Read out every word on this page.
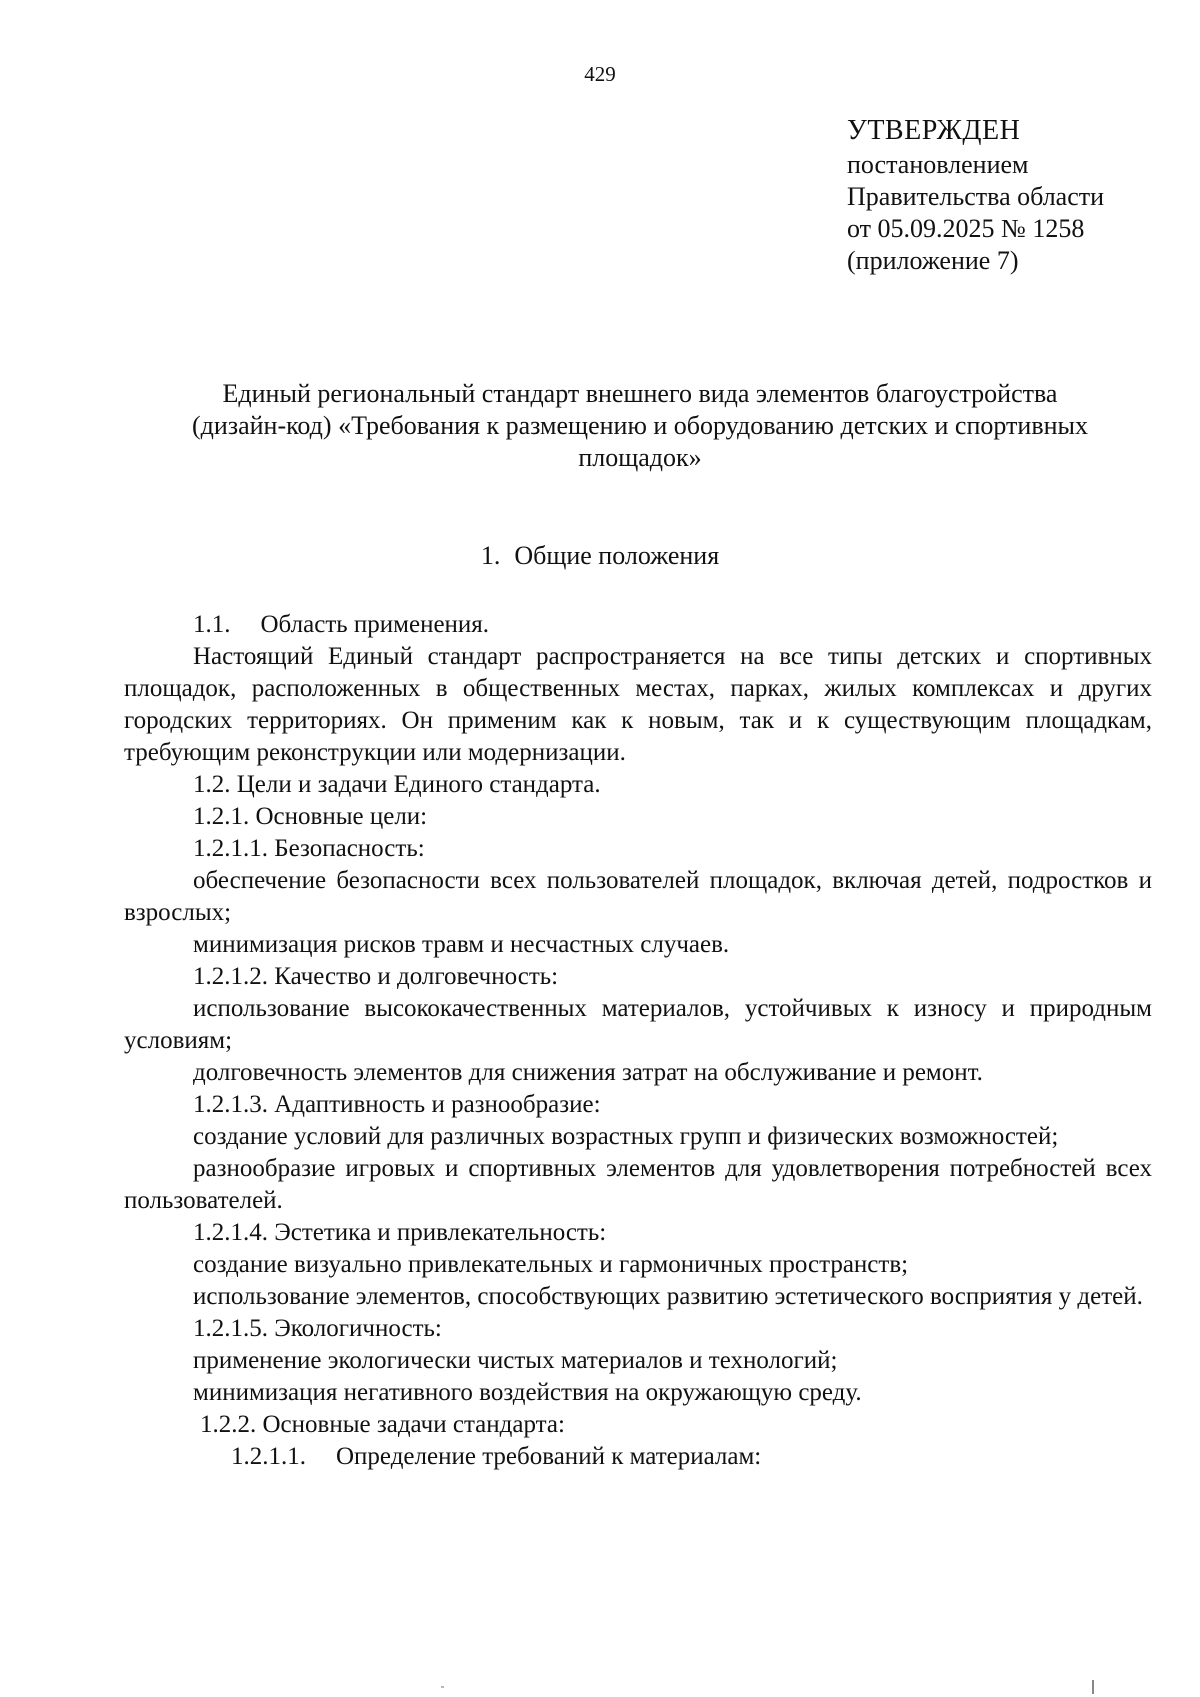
429
УТВЕРЖДЕН
постановлением
Правительства области
от 05.09.2025 № 1258
(приложение 7)
Единый региональный стандарт внешнего вида элементов благоустройства
(дизайн-код) «Требования к размещению и оборудованию детских и спортивных
площадок»
1. Общие положения

1.1. Область применения.

Настоящий Единый стандарт распространяется на все типы детских и спортивных площадок, расположенных в общественных местах, парках, жилых комплексах и других городских территориях. Он применим как к новым, так и к существующим площадкам, требующим реконструкции или модернизации.

1.2. Цели и задачи Единого стандарта.

1.2.1. Основные цели:

1.2.1.1. Безопасность:

обеспечение безопасности всех пользователей площадок, включая детей, подростков и взрослых;

минимизация рисков травм и несчастных случаев.

1.2.1.2. Качество и долговечность:

использование высококачественных материалов, устойчивых к износу и природным условиям;

долговечность элементов для снижения затрат на обслуживание и ремонт.

1.2.1.3. Адаптивность и разнообразие:

создание условий для различных возрастных групп и физических возможностей;

разнообразие игровых и спортивных элементов для удовлетворения потребностей всех пользователей.

1.2.1.4. Эстетика и привлекательность:

создание визуально привлекательных и гармоничных пространств;

использование элементов, способствующих развитию эстетического восприятия у детей.

1.2.1.5. Экологичность:

применение экологически чистых материалов и технологий;

минимизация негативного воздействия на окружающую среду.

1.2.2. Основные задачи стандарта:

1.2.1.1. Определение требований к материалам:
